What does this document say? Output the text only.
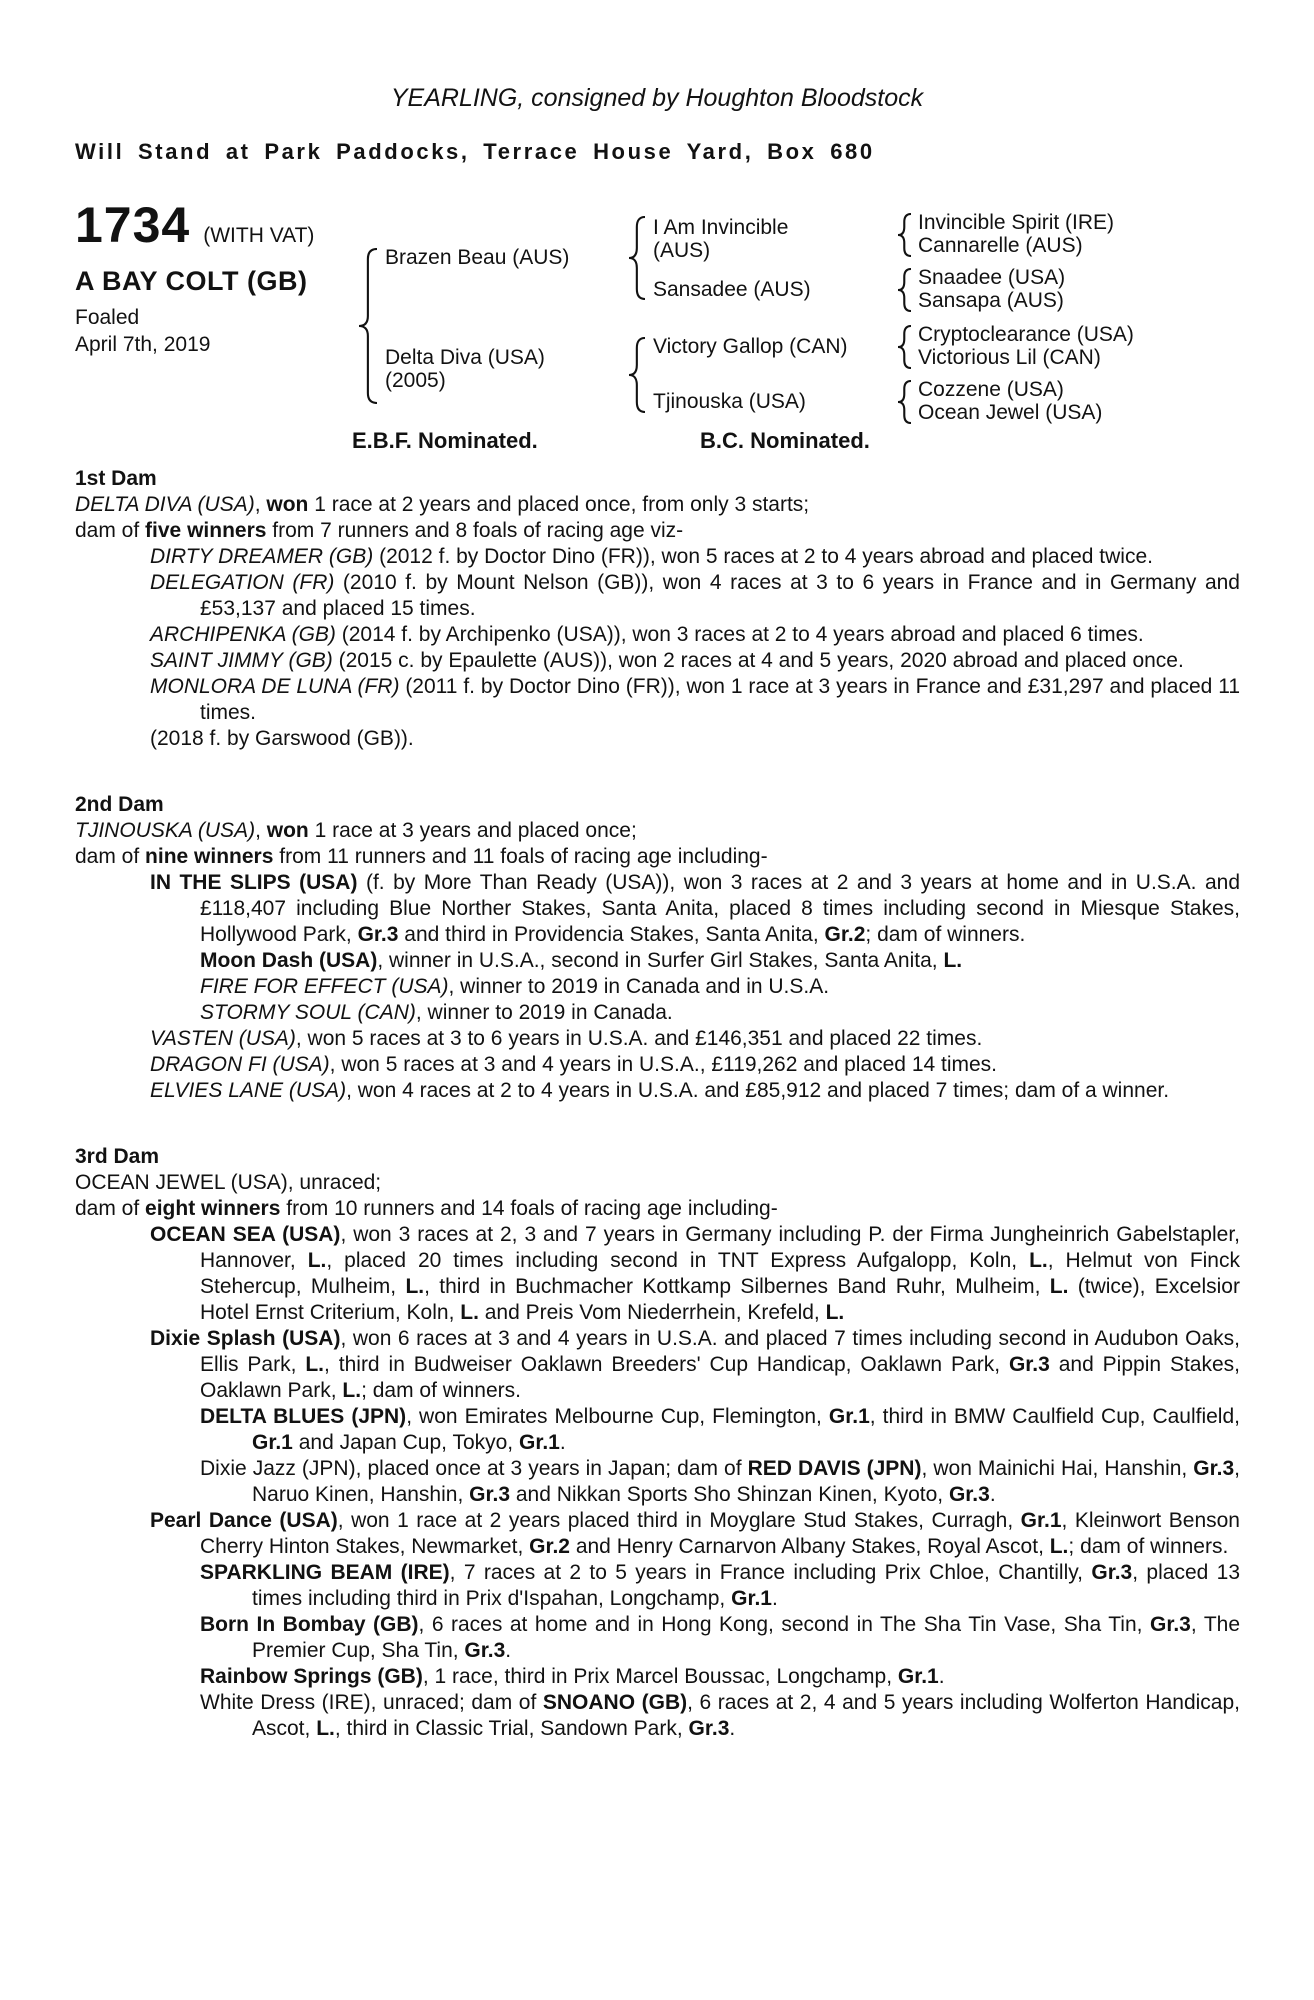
YEARLING, consigned by Houghton Bloodstock
Will Stand at Park Paddocks, Terrace House Yard, Box 680
1734 (WITH VAT)
A BAY COLT (GB)
Foaled
April 7th, 2019
Brazen Beau (AUS)
I Am Invincible
(AUS)
Invincible Spirit (IRE)
Cannarelle (AUS)
Sansadee (AUS)
Snaadee (USA)
Sansapa (AUS)
Delta Diva (USA)
(2005)
Victory Gallop (CAN)
Cryptoclearance (USA)
Victorious Lil (CAN)
Tjinouska (USA)
Cozzene (USA)
Ocean Jewel (USA)
E.B.F. Nominated.	B.C. Nominated.
1st Dam

DELTA DIVA (USA), won 1 race at 2 years and placed once, from only 3 starts;

dam of five winners from 7 runners and 8 foals of racing age viz-

DIRTY DREAMER (GB) (2012 f. by Doctor Dino (FR)), won 5 races at 2 to 4 years abroad and placed twice.

DELEGATION (FR) (2010 f. by Mount Nelson (GB)), won 4 races at 3 to 6 years in France and in Germany and £53,137 and placed 15 times.

ARCHIPENKA (GB) (2014 f. by Archipenko (USA)), won 3 races at 2 to 4 years abroad and placed 6 times.

SAINT JIMMY (GB) (2015 c. by Epaulette (AUS)), won 2 races at 4 and 5 years, 2020 abroad and placed once.

MONLORA DE LUNA (FR) (2011 f. by Doctor Dino (FR)), won 1 race at 3 years in France and £31,297 and placed 11 times.

(2018 f. by Garswood (GB)).

2nd Dam

TJINOUSKA (USA), won 1 race at 3 years and placed once;

dam of nine winners from 11 runners and 11 foals of racing age including-

IN THE SLIPS (USA) (f. by More Than Ready (USA)), won 3 races at 2 and 3 years at home and in U.S.A. and £118,407 including Blue Norther Stakes, Santa Anita, placed 8 times including second in Miesque Stakes, Hollywood Park, Gr.3 and third in Providencia Stakes, Santa Anita, Gr.2; dam of winners.

Moon Dash (USA), winner in U.S.A., second in Surfer Girl Stakes, Santa Anita, L.

FIRE FOR EFFECT (USA), winner to 2019 in Canada and in U.S.A.

STORMY SOUL (CAN), winner to 2019 in Canada.

VASTEN (USA), won 5 races at 3 to 6 years in U.S.A. and £146,351 and placed 22 times.

DRAGON FI (USA), won 5 races at 3 and 4 years in U.S.A., £119,262 and placed 14 times.

ELVIES LANE (USA), won 4 races at 2 to 4 years in U.S.A. and £85,912 and placed 7 times; dam of a winner.

3rd Dam

OCEAN JEWEL (USA), unraced;

dam of eight winners from 10 runners and 14 foals of racing age including-

OCEAN SEA (USA), won 3 races at 2, 3 and 7 years in Germany including P. der Firma Jungheinrich Gabelstapler, Hannover, L., placed 20 times including second in TNT Express Aufgalopp, Koln, L., Helmut von Finck Stehercup, Mulheim, L., third in Buchmacher Kottkamp Silbernes Band Ruhr, Mulheim, L. (twice), Excelsior Hotel Ernst Criterium, Koln, L. and Preis Vom Niederrhein, Krefeld, L.

Dixie Splash (USA), won 6 races at 3 and 4 years in U.S.A. and placed 7 times including second in Audubon Oaks, Ellis Park, L., third in Budweiser Oaklawn Breeders' Cup Handicap, Oaklawn Park, Gr.3 and Pippin Stakes, Oaklawn Park, L.; dam of winners.

DELTA BLUES (JPN), won Emirates Melbourne Cup, Flemington, Gr.1, third in BMW Caulfield Cup, Caulfield, Gr.1 and Japan Cup, Tokyo, Gr.1.

Dixie Jazz (JPN), placed once at 3 years in Japan; dam of RED DAVIS (JPN), won Mainichi Hai, Hanshin, Gr.3, Naruo Kinen, Hanshin, Gr.3 and Nikkan Sports Sho Shinzan Kinen, Kyoto, Gr.3.

Pearl Dance (USA), won 1 race at 2 years placed third in Moyglare Stud Stakes, Curragh, Gr.1, Kleinwort Benson Cherry Hinton Stakes, Newmarket, Gr.2 and Henry Carnarvon Albany Stakes, Royal Ascot, L.; dam of winners.

SPARKLING BEAM (IRE), 7 races at 2 to 5 years in France including Prix Chloe, Chantilly, Gr.3, placed 13 times including third in Prix d'Ispahan, Longchamp, Gr.1.

Born In Bombay (GB), 6 races at home and in Hong Kong, second in The Sha Tin Vase, Sha Tin, Gr.3, The Premier Cup, Sha Tin, Gr.3.

Rainbow Springs (GB), 1 race, third in Prix Marcel Boussac, Longchamp, Gr.1.

White Dress (IRE), unraced; dam of SNOANO (GB), 6 races at 2, 4 and 5 years including Wolferton Handicap, Ascot, L., third in Classic Trial, Sandown Park, Gr.3.
